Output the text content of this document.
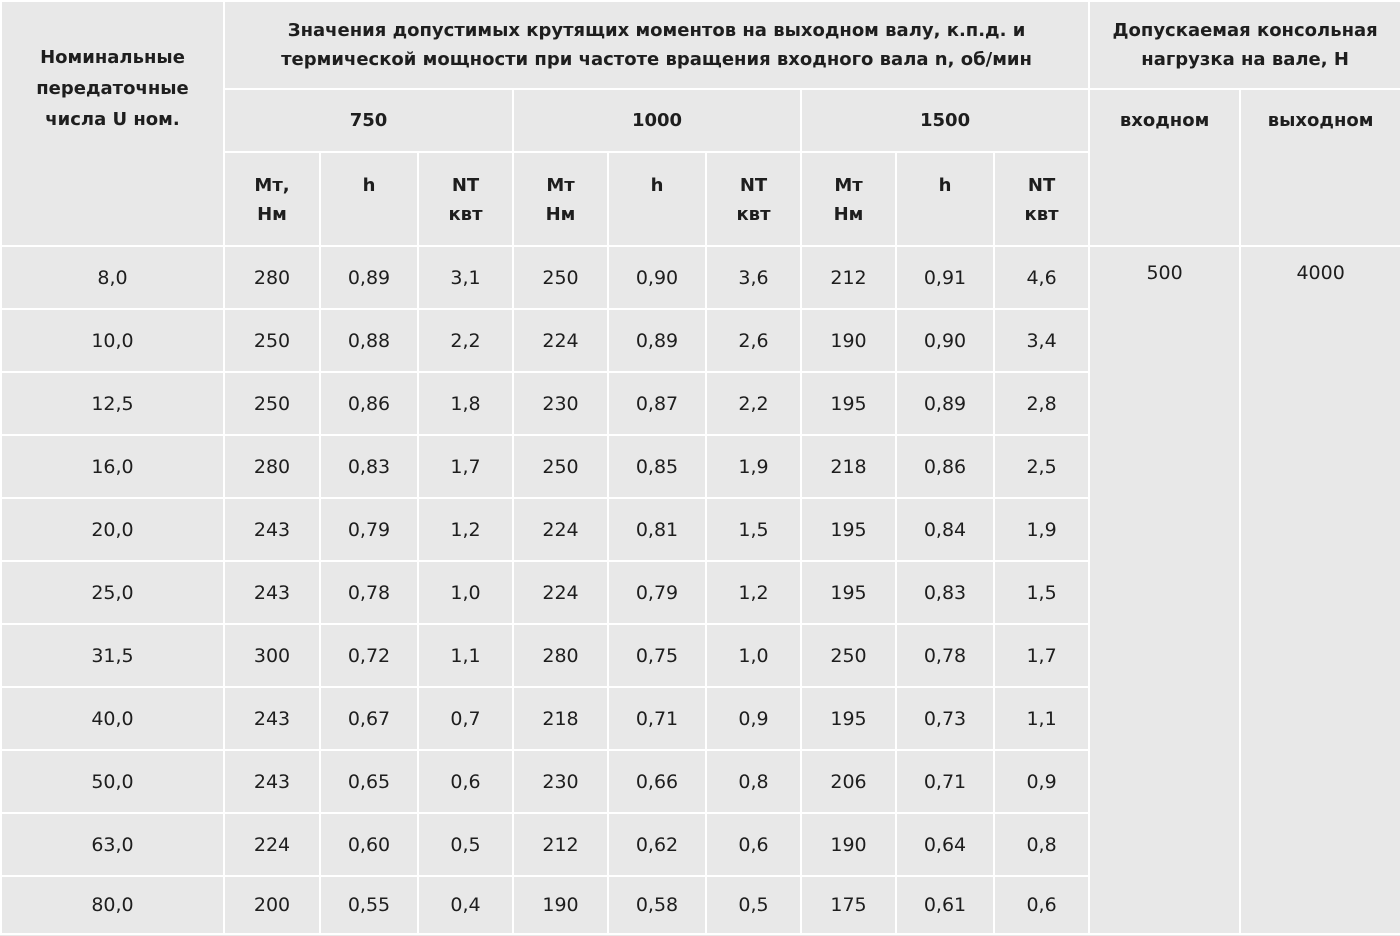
Номинальные передаточные числа U ном.	Значения допустимых крутящих моментов на выходном валу, к.п.д. и термической мощности при частоте вращения входного вала n, об/мин									Допускаемая консольная нагрузка на вале, Н	
	750			1000			1500			входном	выходном
	Мт, Нм	h	NT квт	Мт Нм	h	NT квт	Мт Нм	h	NT квт		
8,0	280	0,89	3,1	250	0,90	3,6	212	0,91	4,6	500	4000
10,0	250	0,88	2,2	224	0,89	2,6	190	0,90	3,4		
12,5	250	0,86	1,8	230	0,87	2,2	195	0,89	2,8		
16,0	280	0,83	1,7	250	0,85	1,9	218	0,86	2,5		
20,0	243	0,79	1,2	224	0,81	1,5	195	0,84	1,9		
25,0	243	0,78	1,0	224	0,79	1,2	195	0,83	1,5		
31,5	300	0,72	1,1	280	0,75	1,0	250	0,78	1,7		
40,0	243	0,67	0,7	218	0,71	0,9	195	0,73	1,1		
50,0	243	0,65	0,6	230	0,66	0,8	206	0,71	0,9		
63,0	224	0,60	0,5	212	0,62	0,6	190	0,64	0,8		
80,0	200	0,55	0,4	190	0,58	0,5	175	0,61	0,6		
